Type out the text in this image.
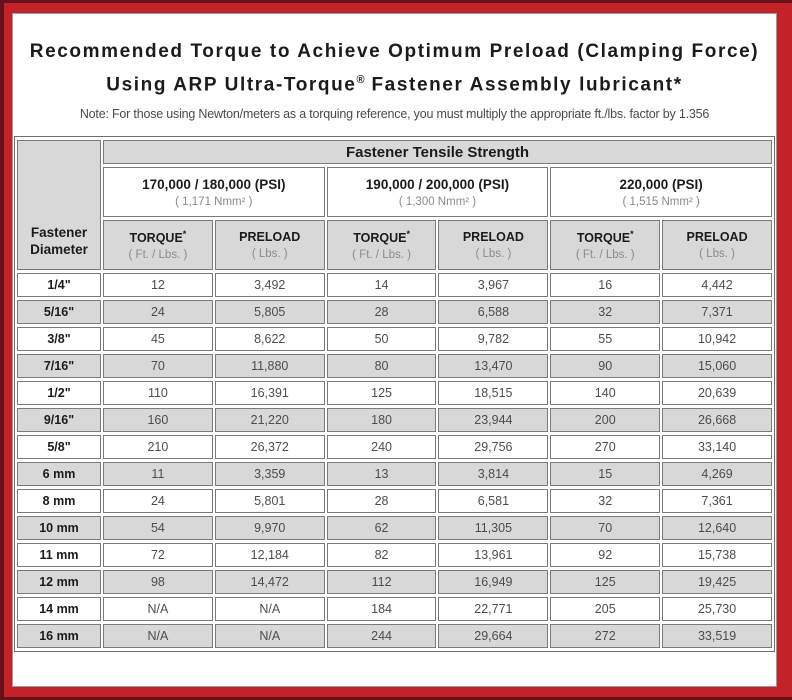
Recommended Torque to Achieve Optimum Preload (Clamping Force)
Using ARP Ultra-Torque® Fastener Assembly lubricant*
Note: For those using Newton/meters as a torquing reference, you must multiply the appropriate ft./lbs. factor by 1.356
Fastener Diameter	Fastener Tensile Strength					

170,000 / 180,000 (PSI)
( 1,171 Nmm² )

190,000 / 200,000 (PSI)
( 1,300 Nmm² )

220,000 (PSI)
( 1,515 Nmm² )

	TORQUE*
( Ft. / Lbs. )	PRELOAD
( Lbs. )	TORQUE*
( Ft. / Lbs. )	PRELOAD
( Lbs. )	TORQUE*
( Ft. / Lbs. )	PRELOAD
( Lbs. )

1/4"	12	3,492	14	3,967	16	4,442
5/16"	24	5,805	28	6,588	32	7,371
3/8"	45	8,622	50	9,782	55	10,942
7/16"	70	11,880	80	13,470	90	15,060
1/2"	110	16,391	125	18,515	140	20,639
9/16"	160	21,220	180	23,944	200	26,668
5/8"	210	26,372	240	29,756	270	33,140
6 mm	11	3,359	13	3,814	15	4,269
8 mm	24	5,801	28	6,581	32	7,361
10 mm	54	9,970	62	11,305	70	12,640
11 mm	72	12,184	82	13,961	92	15,738
12 mm	98	14,472	112	16,949	125	19,425
14 mm	N/A	N/A	184	22,771	205	25,730
16 mm	N/A	N/A	244	29,664	272	33,519
